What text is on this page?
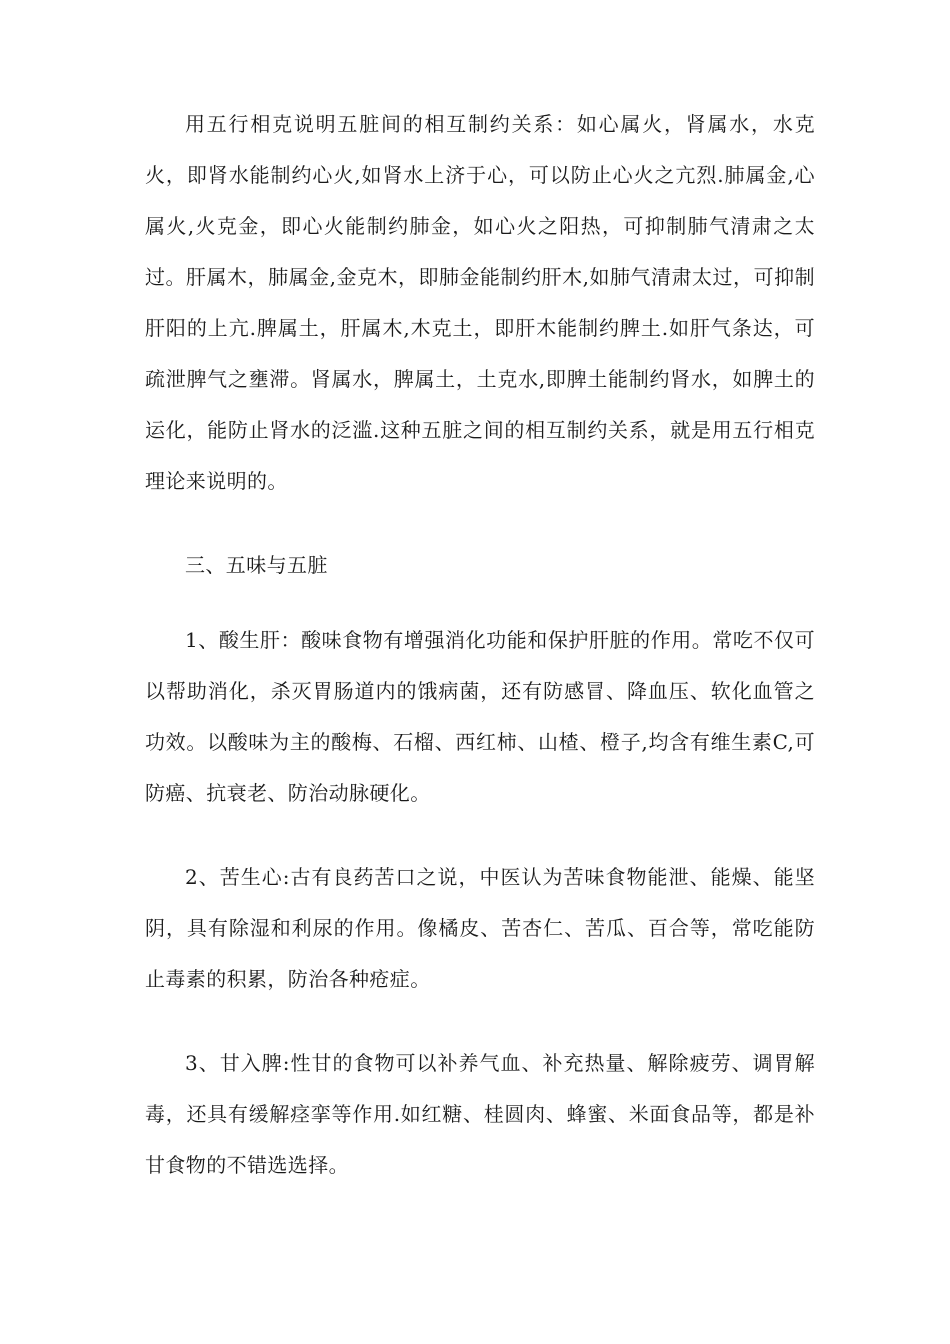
用五行相克说明五脏间的相互制约关系：如心属火，肾属水，水克火，即肾水能制约心火,如肾水上济于心，可以防止心火之亢烈.肺属金,心属火,火克金，即心火能制约肺金，如心火之阳热，可抑制肺气清肃之太过。肝属木，肺属金,金克木，即肺金能制约肝木,如肺气清肃太过，可抑制肝阳的上亢.脾属土，肝属木,木克土，即肝木能制约脾土.如肝气条达，可疏泄脾气之壅滞。肾属水，脾属土，土克水,即脾土能制约肾水，如脾土的运化，能防止肾水的泛滥.这种五脏之间的相互制约关系，就是用五行相克理论来说明的。

三、五味与五脏

1、酸生肝：酸味食物有增强消化功能和保护肝脏的作用。常吃不仅可以帮助消化，杀灭胃肠道内的饿病菌，还有防感冒、降血压、软化血管之功效。以酸味为主的酸梅、石榴、西红柿、山楂、橙子,均含有维生素C,可防癌、抗衰老、防治动脉硬化。

2、苦生心:古有良药苦口之说，中医认为苦味食物能泄、能燥、能坚阴，具有除湿和利尿的作用。像橘皮、苦杏仁、苦瓜、百合等，常吃能防止毒素的积累，防治各种疮症。

3、甘入脾:性甘的食物可以补养气血、补充热量、解除疲劳、调胃解毒，还具有缓解痉挛等作用.如红糖、桂圆肉、蜂蜜、米面食品等，都是补甘食物的不错选选择。
